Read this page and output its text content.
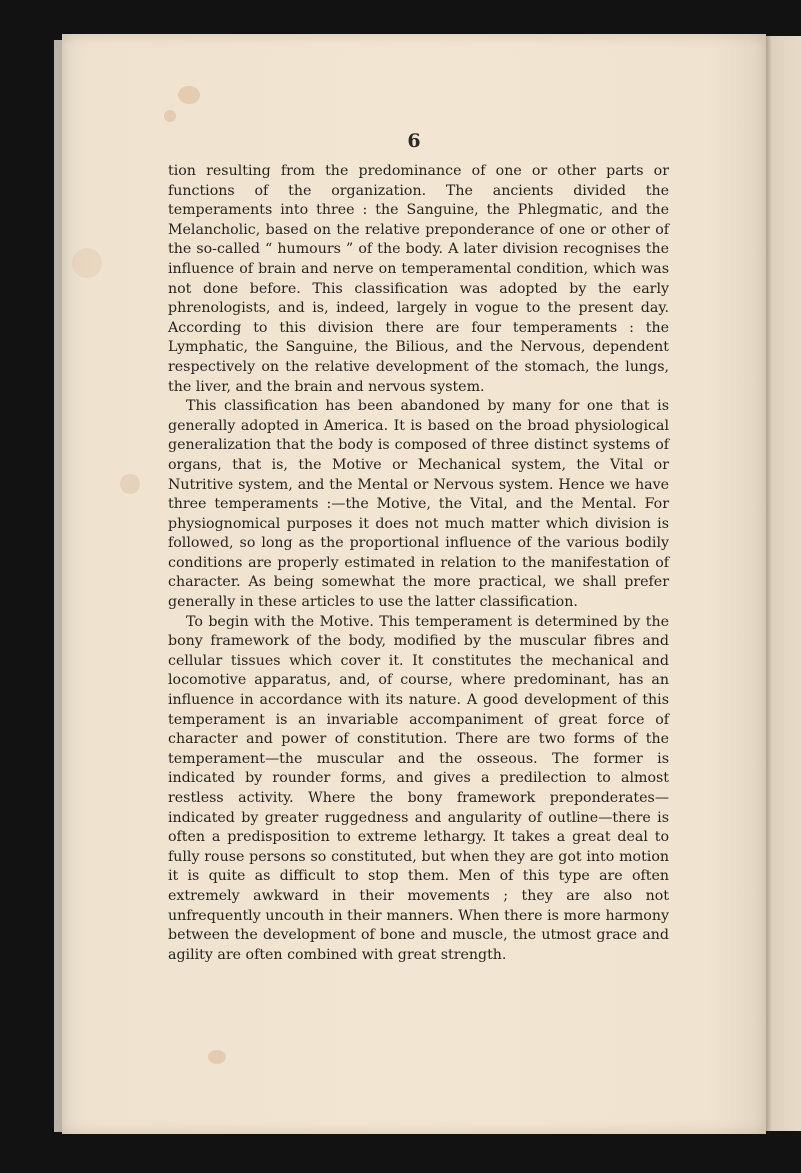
6

tion resulting from the predominance of one or other parts or functions of the organization. The ancients divided the temperaments into three : the Sanguine, the Phlegmatic, and the Melancholic, based on the relative preponderance of one or other of the so-called “ humours ” of the body. A later division recognises the influence of brain and nerve on temperamental condition, which was not done before. This classification was adopted by the early phrenologists, and is, indeed, largely in vogue to the present day. According to this division there are four temperaments : the Lymphatic, the Sanguine, the Bilious, and the Nervous, dependent respectively on the relative development of the stomach, the lungs, the liver, and the brain and nervous system.

This classification has been abandoned by many for one that is generally adopted in America. It is based on the broad physiological generalization that the body is composed of three distinct systems of organs, that is, the Motive or Mechanical system, the Vital or Nutritive system, and the Mental or Nervous system. Hence we have three temperaments :—the Motive, the Vital, and the Mental. For physiognomical purposes it does not much matter which division is followed, so long as the proportional influence of the various bodily conditions are properly estimated in relation to the manifestation of character. As being somewhat the more practical, we shall prefer generally in these articles to use the latter classification.

To begin with the Motive. This temperament is determined by the bony framework of the body, modified by the muscular fibres and cellular tissues which cover it. It constitutes the mechanical and locomotive apparatus, and, of course, where predominant, has an influence in accordance with its nature. A good development of this temperament is an invariable accompaniment of great force of character and power of constitution. There are two forms of the temperament—the muscular and the osseous. The former is indicated by rounder forms, and gives a predilection to almost restless activity. Where the bony framework preponderates—indicated by greater ruggedness and angularity of outline—there is often a predisposition to extreme lethargy. It takes a great deal to fully rouse persons so constituted, but when they are got into motion it is quite as difficult to stop them. Men of this type are often extremely awkward in their movements ; they are also not unfrequently uncouth in their manners. When there is more harmony between the development of bone and muscle, the utmost grace and agility are often combined with great strength.
